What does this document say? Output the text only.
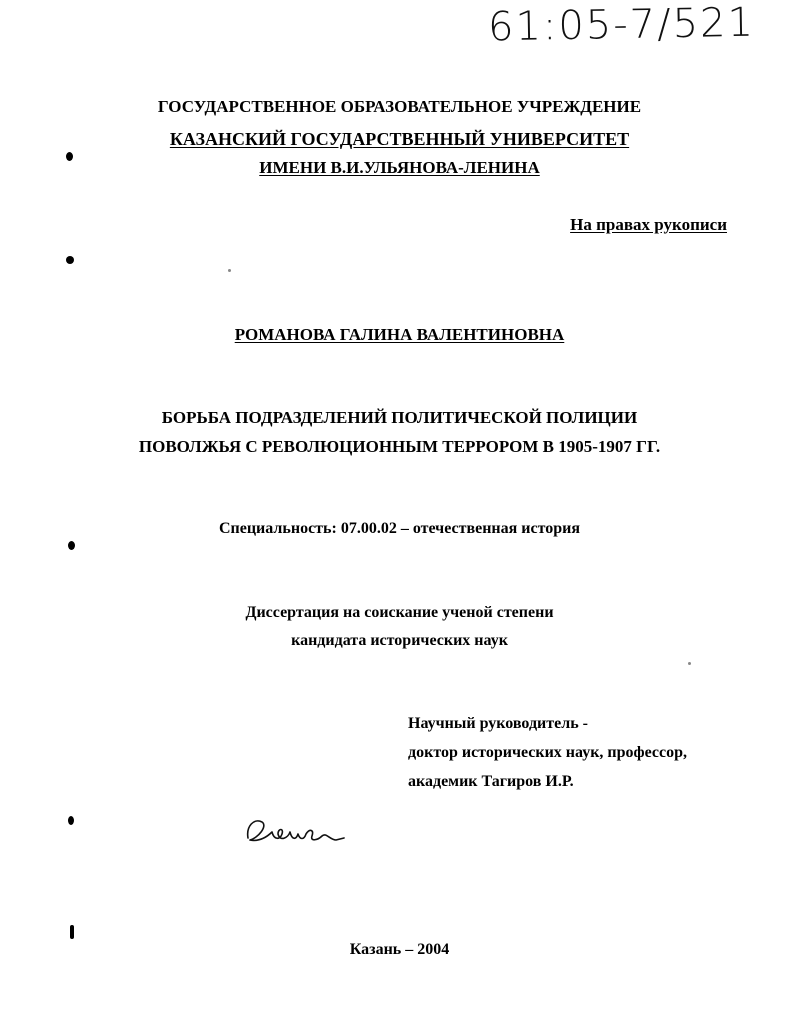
61:05-7/521
ГОСУДАРСТВЕННОЕ ОБРАЗОВАТЕЛЬНОЕ УЧРЕЖДЕНИЕ
КАЗАНСКИЙ ГОСУДАРСТВЕННЫЙ УНИВЕРСИТЕТ
ИМЕНИ В.И.УЛЬЯНОВА-ЛЕНИНА
На правах рукописи
РОМАНОВА ГАЛИНА ВАЛЕНТИНОВНА
БОРЬБА ПОДРАЗДЕЛЕНИЙ ПОЛИТИЧЕСКОЙ ПОЛИЦИИ
ПОВОЛЖЬЯ С РЕВОЛЮЦИОННЫМ ТЕРРОРОМ В 1905-1907 ГГ.
Специальность: 07.00.02 – отечественная история
Диссертация на соискание ученой степени
кандидата исторических наук
Научный руководитель -
доктор исторических наук, профессор,
академик Тагиров И.Р.
Казань – 2004
